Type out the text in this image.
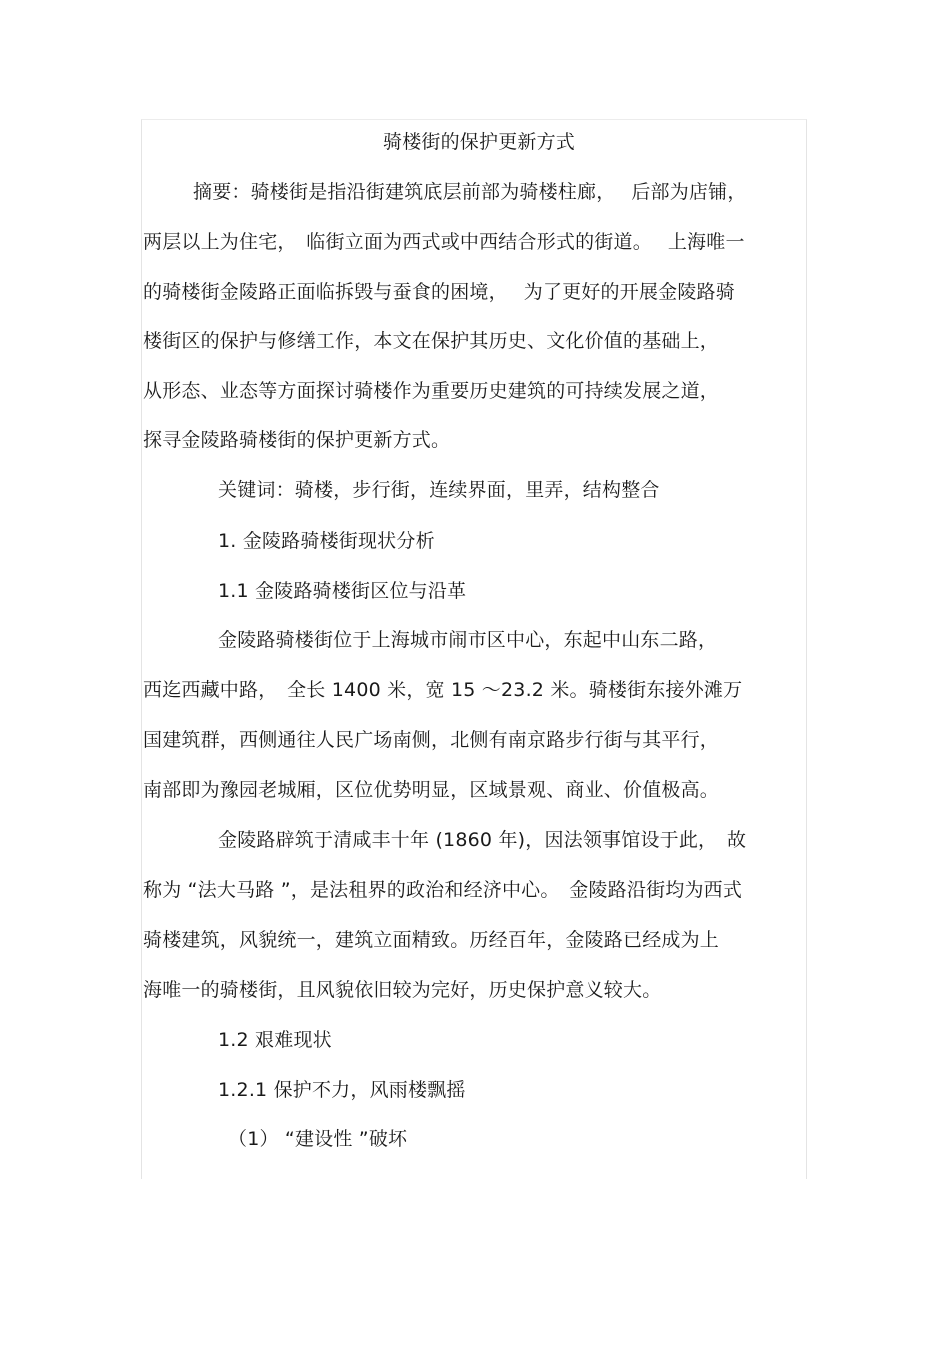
骑楼街的保护更新方式
摘要：骑楼街是指沿街建筑底层前部为骑楼柱廊，　 后部为店铺，
两层以上为住宅，　临街立面为西式或中西结合形式的街道。　 上海唯一
的骑楼街金陵路正面临拆毁与蚕食的困境，　 为了更好的开展金陵路骑
楼街区的保护与修缮工作，本文在保护其历史、文化价值的基础上，
从形态、业态等方面探讨骑楼作为重要历史建筑的可持续发展之道，
探寻金陵路骑楼街的保护更新方式。
关键词：骑楼，步行街，连续界面，里弄，结构整合
1. 金陵路骑楼街现状分析
1.1 金陵路骑楼街区位与沿革
金陵路骑楼街位于上海城市闹市区中心，东起中山东二路，
西迄西藏中路，　全长 1400 米，宽 15 ～23.2 米。骑楼街东接外滩万
国建筑群，西侧通往人民广场南侧，北侧有南京路步行街与其平行，
南部即为豫园老城厢，区位优势明显，区域景观、商业、价值极高。
金陵路辟筑于清咸丰十年 (1860 年)，因法领事馆设于此，　故
称为 “法大马路 ”，是法租界的政治和经济中心。　金陵路沿街均为西式
骑楼建筑，风貌统一，建筑立面精致。历经百年，金陵路已经成为上
海唯一的骑楼街，且风貌依旧较为完好，历史保护意义较大。
1.2 艰难现状
1.2.1 保护不力，风雨楼飘摇
（1） “建设性 ”破坏
